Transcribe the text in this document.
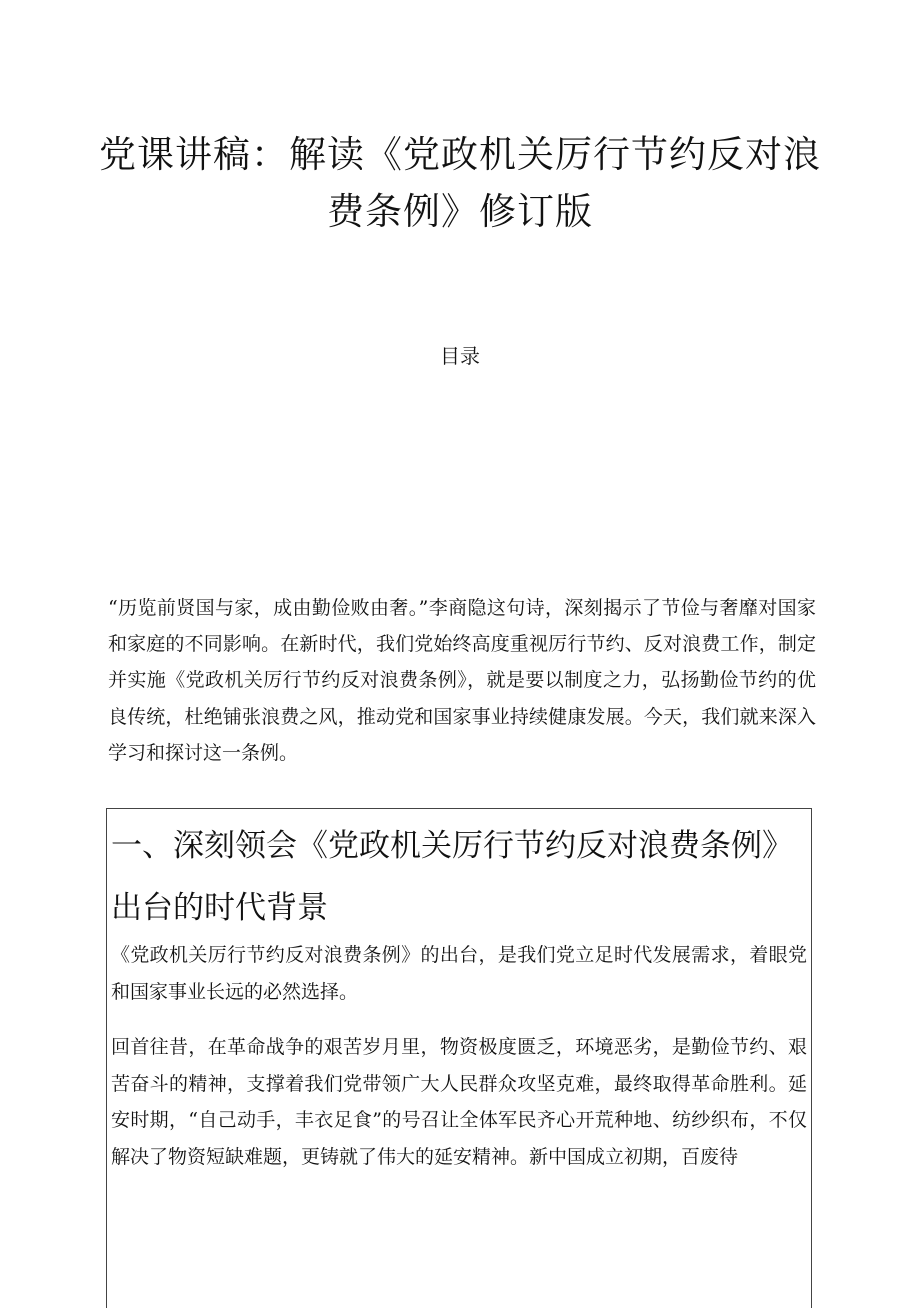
党课讲稿：解读《党政机关厉行节约反对浪费条例》修订版
目录

“历览前贤国与家，成由勤俭败由奢。”李商隐这句诗，深刻揭示了节俭与奢靡对国家和家庭的不同影响。在新时代，我们党始终高度重视厉行节约、反对浪费工作，制定并实施《党政机关厉行节约反对浪费条例》，就是要以制度之力，弘扬勤俭节约的优良传统，杜绝铺张浪费之风，推动党和国家事业持续健康发展。今天，我们就来深入学习和探讨这一条例。

一、深刻领会《党政机关厉行节约反对浪费条例》出台的时代背景

《党政机关厉行节约反对浪费条例》的出台，是我们党立足时代发展需求，着眼党和国家事业长远的必然选择。

回首往昔，在革命战争的艰苦岁月里，物资极度匮乏，环境恶劣，是勤俭节约、艰苦奋斗的精神，支撑着我们党带领广大人民群众攻坚克难，最终取得革命胜利。延安时期，“自己动手，丰衣足食”的号召让全体军民齐心开荒种地、纺纱织布，不仅解决了物资短缺难题，更铸就了伟大的延安精神。新中国成立初期，百废待
